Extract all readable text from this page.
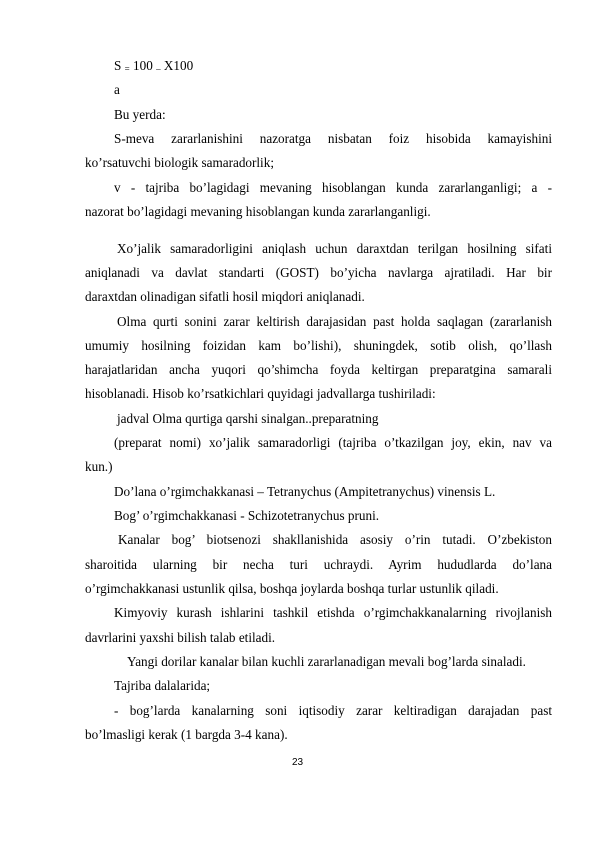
S = 100 – X100
a
Bu yerda:
S-meva zararlanishini nazoratga nisbatan foiz hisobida kamayishini
ko’rsatuvchi biologik samaradorlik;
v - tajriba bo’lagidagi mevaning hisoblangan kunda zararlanganligi; a -
nazorat bo’lagidagi mevaning hisoblangan kunda zararlanganligi.
Xo’jalik samaradorligini aniqlash uchun daraxtdan terilgan hosilning sifati
aniqlanadi va davlat standarti (GOST) bo’yicha navlarga ajratiladi. Har bir
daraxtdan olinadigan sifatli hosil miqdori aniqlanadi.
Olma qurti sonini zarar keltirish darajasidan past holda saqlagan (zararlanish
umumiy hosilning foizidan kam bo’lishi), shuningdek, sotib olish, qo’llash
harajatlaridan ancha yuqori qo’shimcha foyda keltirgan preparatgina samarali
hisoblanadi. Hisob ko’rsatkichlari quyidagi jadvallarga tushiriladi:
jadval Olma qurtiga qarshi sinalgan..preparatning
(preparat nomi) xo’jalik samaradorligi (tajriba o’tkazilgan joy, ekin, nav va
kun.)
Do’lana o’rgimchakkanasi – Tetranychus (Ampitetranychus) vinensis L.
Bog’ o’rgimchakkanasi - Schizotetranychus pruni.
Kanalar bog’ biotsenozi shakllanishida asosiy o’rin tutadi. O’zbekiston
sharoitida ularning bir necha turi uchraydi. Ayrim hududlarda do’lana
o’rgimchakkanasi ustunlik qilsa, boshqa joylarda boshqa turlar ustunlik qiladi.
Kimyoviy kurash ishlarini tashkil etishda o’rgimchakkanalarning rivojlanish
davrlarini yaxshi bilish talab etiladi.
Yangi dorilar kanalar bilan kuchli zararlanadigan mevali bog’larda sinaladi.
Tajriba dalalarida;
- bog’larda kanalarning soni iqtisodiy zarar keltiradigan darajadan past
bo’lmasligi kerak (1 bargda 3-4 kana).
23
